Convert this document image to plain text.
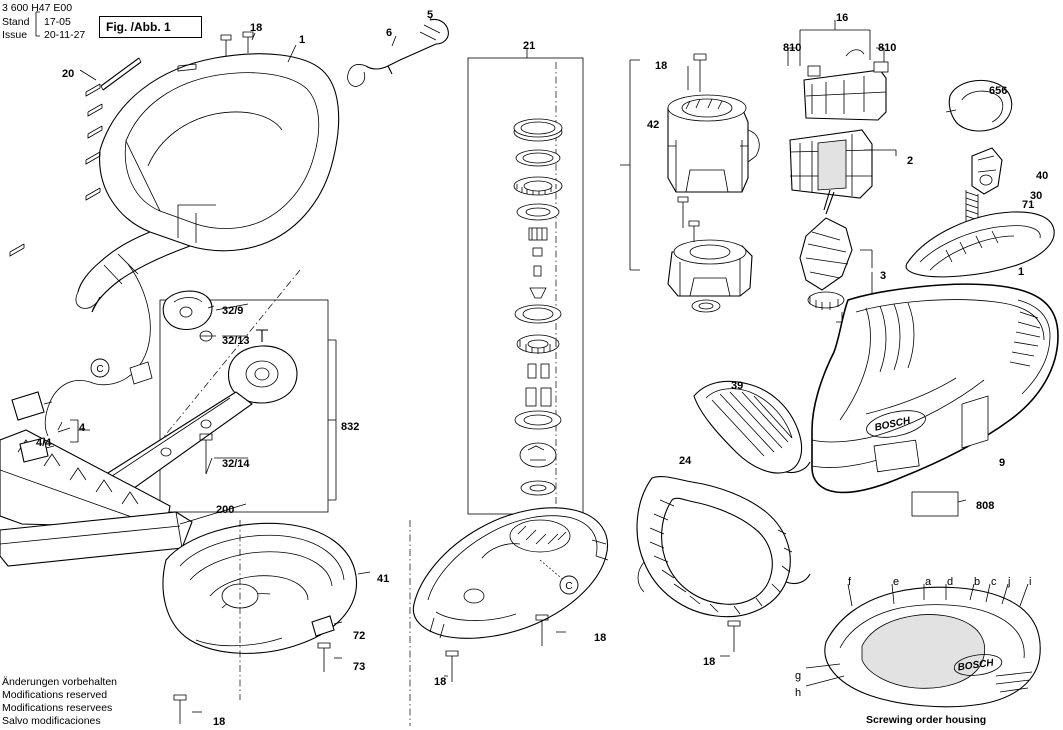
3 600 H47 E00
Stand
Issue
17-05
20-11-27
Fig. /Abb. 1
Änderungen vorbehalten
Modifications reserved
Modifications reservees
Salvo modificaciones	Screwing order housing
BOSCH
BOSCH
C
C
20
18
1
6
5
21
18
16
810	810
656
42
2
40
71
30
3	1
32/9
32/13
832
32/14
200
4/4
4
39
24	9
808
41
72
73
18
18
18
18
f	e a d b c j i
g
h
